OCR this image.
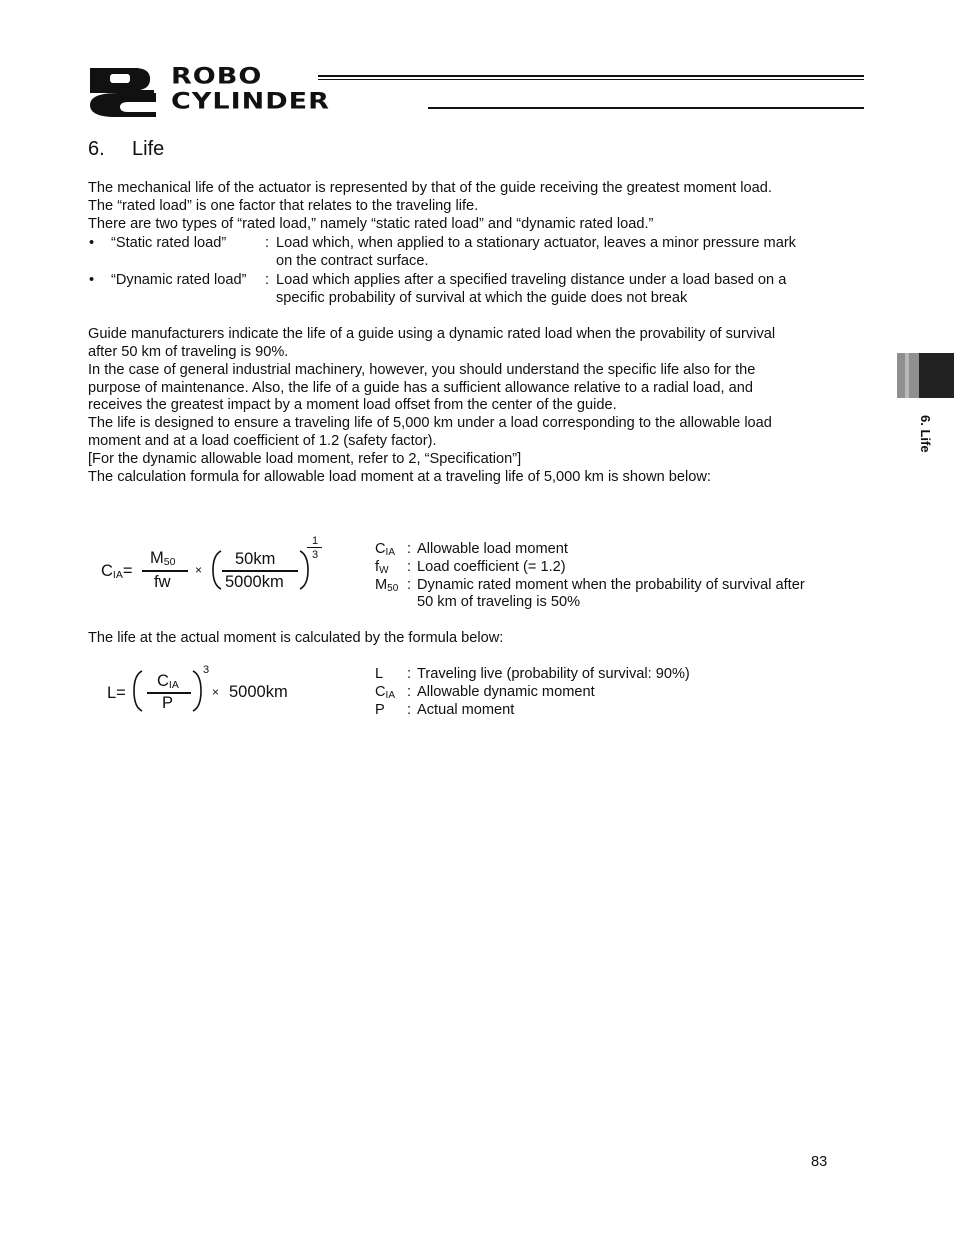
ROBO
CYLINDER
6. Life
6. Life
The mechanical life of the actuator is represented by that of the guide receiving the greatest moment load.
The “rated load” is one factor that relates to the traveling life.
There are two types of “rated load,” namely “static rated load” and “dynamic rated load.”
• “Static rated load”	: Load which, when applied to a stationary actuator, leaves a minor pressure mark
on the contract surface.
• “Dynamic rated load” : Load which applies after a specified traveling distance under a load based on a
specific probability of survival at which the guide does not break
Guide manufacturers indicate the life of a guide using a dynamic rated load when the provability of survival
after 50 km of traveling is 90%.
In the case of general industrial machinery, however, you should understand the specific life also for the
purpose of maintenance. Also, the life of a guide has a sufficient allowance relative to a radial load, and
receives the greatest impact by a moment load offset from the center of the guide.
The life is designed to ensure a traveling life of 5,000 km under a load corresponding to the allowable load
moment and at a load coefficient of 1.2 (safety factor).
[For the dynamic allowable load moment, refer to 2, “Specification”]
The calculation formula for allowable load moment at a traveling life of 5,000 km is shown below:
CIA=
M50
fw
×
50km
5000km
1
3	CIA : Allowable load moment
fW : Load coefficient (= 1.2)
M50 : Dynamic rated moment when the probability of survival after
50 km of traveling is 50%
The life at the actual moment is calculated by the formula below:
L=
CIA
P
3
× 5000km
L : Traveling live (probability of survival: 90%)
CIA : Allowable dynamic moment
P : Actual moment
83
